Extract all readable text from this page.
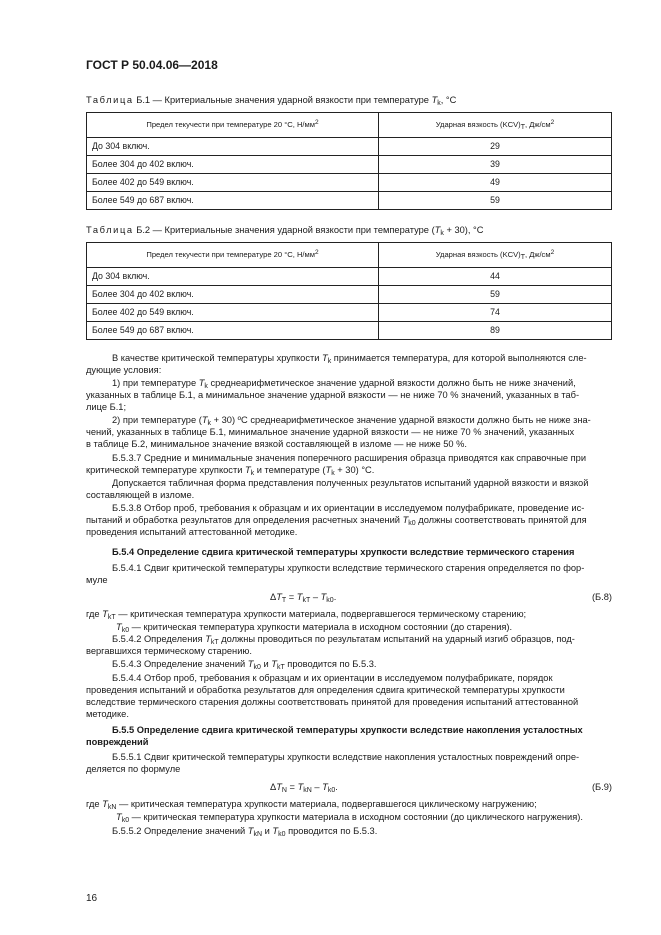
ГОСТ Р 50.04.06—2018
Таблица Б.1 — Критериальные значения ударной вязкости при температуре $T_k$, °C
Предел текучести при температуре 20 °С, $Н/мм^2$	Ударная вязкость $(KCV)_T$, $Дж/см^2$
До 304 включ.	29
Более 304 до 402 включ.	39
Более 402 до 549 включ.	49
Более 549 до 687 включ.	59
Таблица Б.2 — Критериальные значения ударной вязкости при температуре $(T_k + 30)$, °C
Предел текучести при температуре 20 °С, $Н/мм^2$	Ударная вязкость $(KCV)_T$, $Дж/см^2$
До 304 включ.	44
Более 304 до 402 включ.	59
Более 402 до 549 включ.	74
Более 549 до 687 включ.	89
В качестве критической температуры хрупкости $T_k$ принимается температура, для которой выполняются сле-
дующие условия:
1) при температуре $T_k$ среднеарифметическое значение ударной вязкости должно быть не ниже значений,
указанных в таблице Б.1, а минимальное значение ударной вязкости — не ниже 70 % значений, указанных в таб-
лице Б.1;
2) при температуре $(T_k + 30)$ ºС среднеарифметическое значение ударной вязкости должно быть не ниже зна-
чений, указанных в таблице Б.1, минимальное значение ударной вязкости — не ниже 70 % значений, указанных
в таблице Б.2, минимальное значение вязкой составляющей в изломе — не ниже 50 %.
Б.5.3.7 Средние и минимальные значения поперечного расширения образца приводятся как справочные при
критической температуре хрупкости $T_k$ и температуре $(T_k + 30)$ °С.
Допускается табличная форма представления полученных результатов испытаний ударной вязкости и вязкой
составляющей в изломе.
Б.5.3.8 Отбор проб, требования к образцам и их ориентации в исследуемом полуфабрикате, проведение ис-
пытаний и обработка результатов для определения расчетных значений $T_{k0}$ должны соответствовать принятой для
проведения испытаний аттестованной методике.
Б.5.4 Определение сдвига критической температуры хрупкости вследствие термического старения
Б.5.4.1 Сдвиг критической температуры хрупкости вследствие термического старения определяется по фор-
муле
$\Delta T_T = T_{kT} - T_{k0}$.	(Б.8)
где $T_{kT}$ — критическая температура хрупкости материала, подвергавшегося термическому старению;
$T_{k0}$ — критическая температура хрупкости материала в исходном состоянии (до старения).
Б.5.4.2 Определения $T_{kT}$ должны проводиться по результатам испытаний на ударный изгиб образцов, под-
вергавшихся термическому старению.
Б.5.4.3 Определение значений $T_{k0}$ и $T_{kT}$ проводится по Б.5.3.
Б.5.4.4 Отбор проб, требования к образцам и их ориентации в исследуемом полуфабрикате, порядок
проведения испытаний и обработка результатов для определения сдвига критической температуры хрупкости
вследствие термического старения должны соответствовать принятой для проведения испытаний аттестованной
методике.
Б.5.5 Определение сдвига критической температуры хрупкости вследствие накопления усталостных
повреждений
Б.5.5.1 Сдвиг критической температуры хрупкости вследствие накопления усталостных повреждений опре-
деляется по формуле
$\Delta T_N = T_{kN} - T_{k0}$.	(Б.9)
где $T_{kN}$ — критическая температура хрупкости материала, подвергавшегося циклическому нагружению;
$T_{k0}$ — критическая температура хрупкости материала в исходном состоянии (до циклического нагружения).
Б.5.5.2 Определение значений $T_{kN}$ и $T_{k0}$ проводится по Б.5.3.
16
